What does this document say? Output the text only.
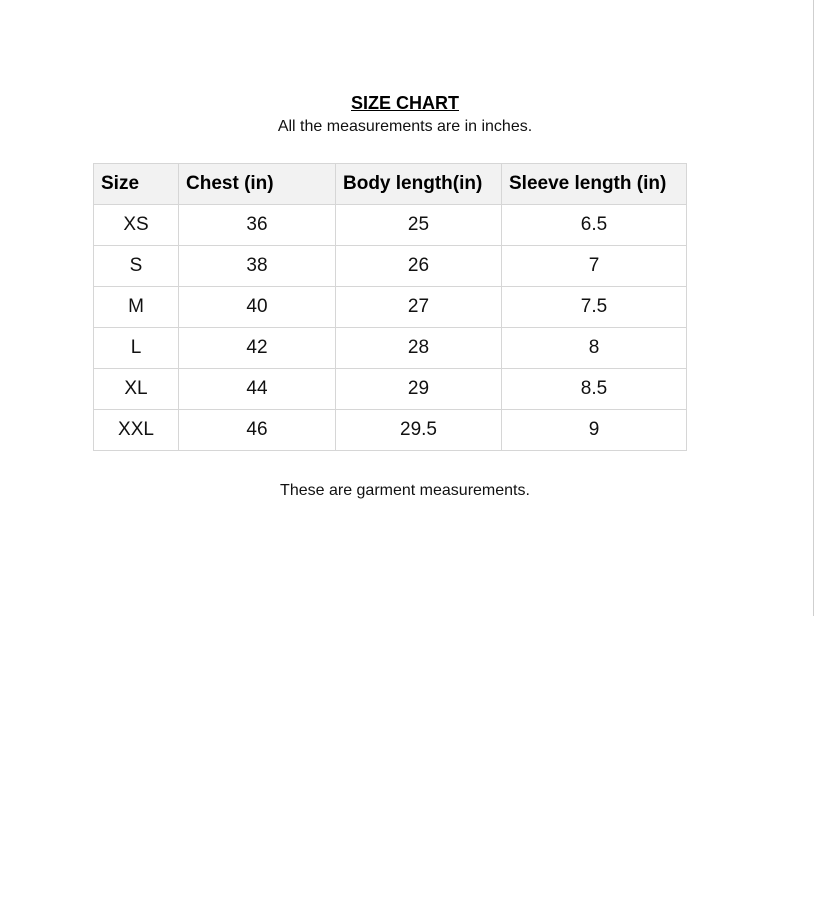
SIZE CHART
All the measurements are in inches.
Size	Chest (in)	Body length(in)	Sleeve length (in)
XS	36	25	6.5
S	38	26	7
M	40	27	7.5
L	42	28	8
XL	44	29	8.5
XXL	46	29.5	9
These are garment measurements.
